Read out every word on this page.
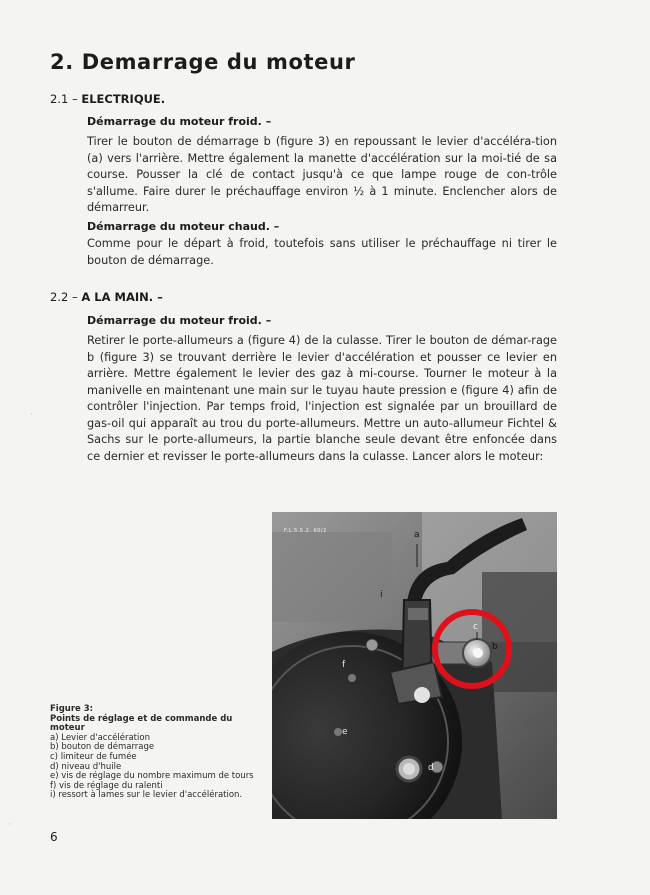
2. Demarrage du moteur
2.1 – ELECTRIQUE.
Démarrage du moteur froid. –
Tirer le bouton de démarrage b (figure 3) en repoussant le levier d'accéléra-tion (a) vers l'arrière. Mettre également la manette d'accélération sur la moi-tié de sa course. Pousser la clé de contact jusqu'à ce que lampe rouge de con-trôle s'allume. Faire durer le préchauffage environ ½ à 1 minute. Enclencher alors de démarreur.
Démarrage du moteur chaud. –
Comme pour le départ à froid, toutefois sans utiliser le préchauffage ni tirer le bouton de démarrage.
2.2 – A LA MAIN. –
Démarrage du moteur froid. –
Retirer le porte-allumeurs a (figure 4) de la culasse. Tirer le bouton de démar-rage b (figure 3) se trouvant derrière le levier d'accélération et pousser ce levier en arrière. Mettre également le levier des gaz à mi-course. Tourner le moteur à la manivelle en maintenant une main sur le tuyau haute pression e (figure 4) afin de contrôler l'injection. Par temps froid, l'injection est signalée par un brouillard de gas-oil qui apparaît au trou du porte-allumeurs. Mettre un auto-allumeur Fichtel & Sachs sur le porte-allumeurs, la partie blanche seule devant être enfoncée dans ce dernier et revisser le porte-allumeurs dans la culasse. Lancer alors le moteur:
F.L.5.5.2. K0/2	a
i
c
b
f
e
d
Figure 3:
Points de réglage et de commande du moteur
a) Levier d'accélération
b) bouton de démarrage
c) limiteur de fumée
d) niveau d'huile
e) vis de réglage du nombre maximum de tours
f) vis de réglage du ralenti
i) ressort à lames sur le levier d'accélération.
6
·
·
